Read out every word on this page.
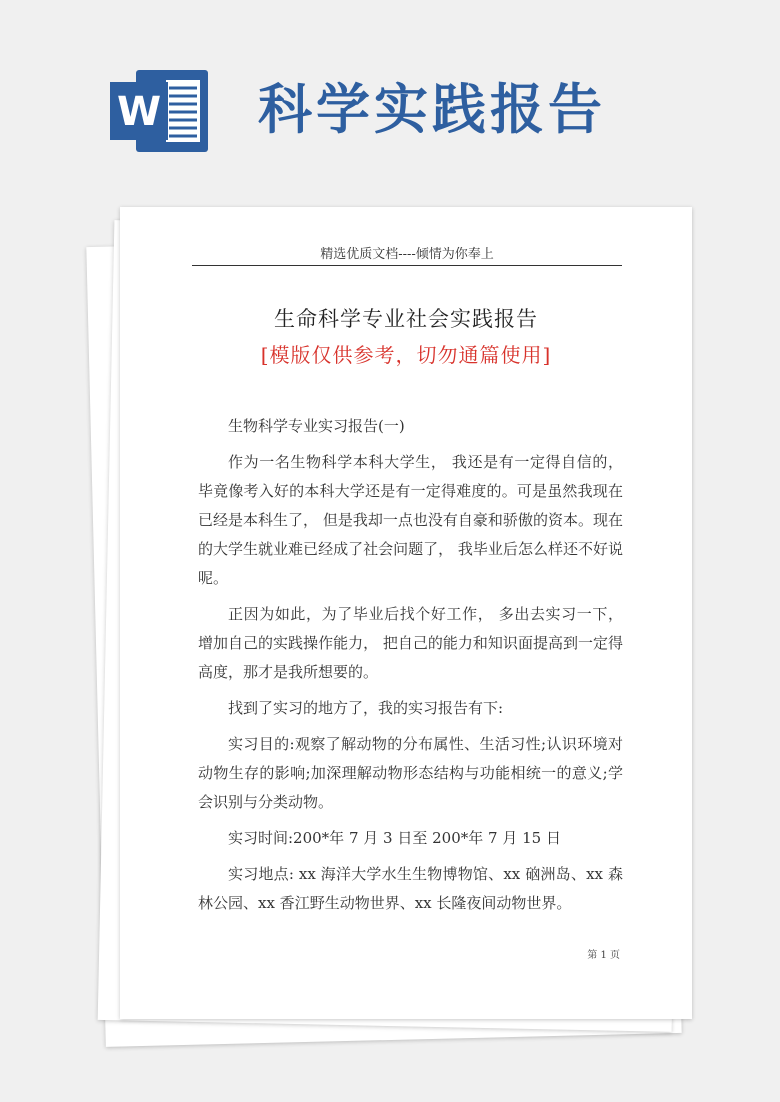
W 科学实践报告
精选优质文档----倾情为你奉上
生命科学专业社会实践报告
[模版仅供参考，切勿通篇使用]

生物科学专业实习报告(一)

作为一名生物科学本科大学生， 我还是有一定得自信的， 毕竟像考入好的本科大学还是有一定得难度的。可是虽然我现在已经是本科生了， 但是我却一点也没有自豪和骄傲的资本。现在的大学生就业难已经成了社会问题了， 我毕业后怎么样还不好说呢。

正因为如此，为了毕业后找个好工作， 多出去实习一下， 增加自己的实践操作能力， 把自己的能力和知识面提高到一定得高度，那才是我所想要的。

找到了实习的地方了，我的实习报告有下:

实习目的:观察了解动物的分布属性、生活习性;认识环境对动物生存的影响;加深理解动物形态结构与功能相统一的意义;学会识别与分类动物。

实习时间:200*年 7 月 3 日至 200*年 7 月 15 日

实习地点: xx 海洋大学水生生物博物馆、xx 硇洲岛、xx 森林公园、xx 香江野生动物世界、xx 长隆夜间动物世界。

第 1 页
